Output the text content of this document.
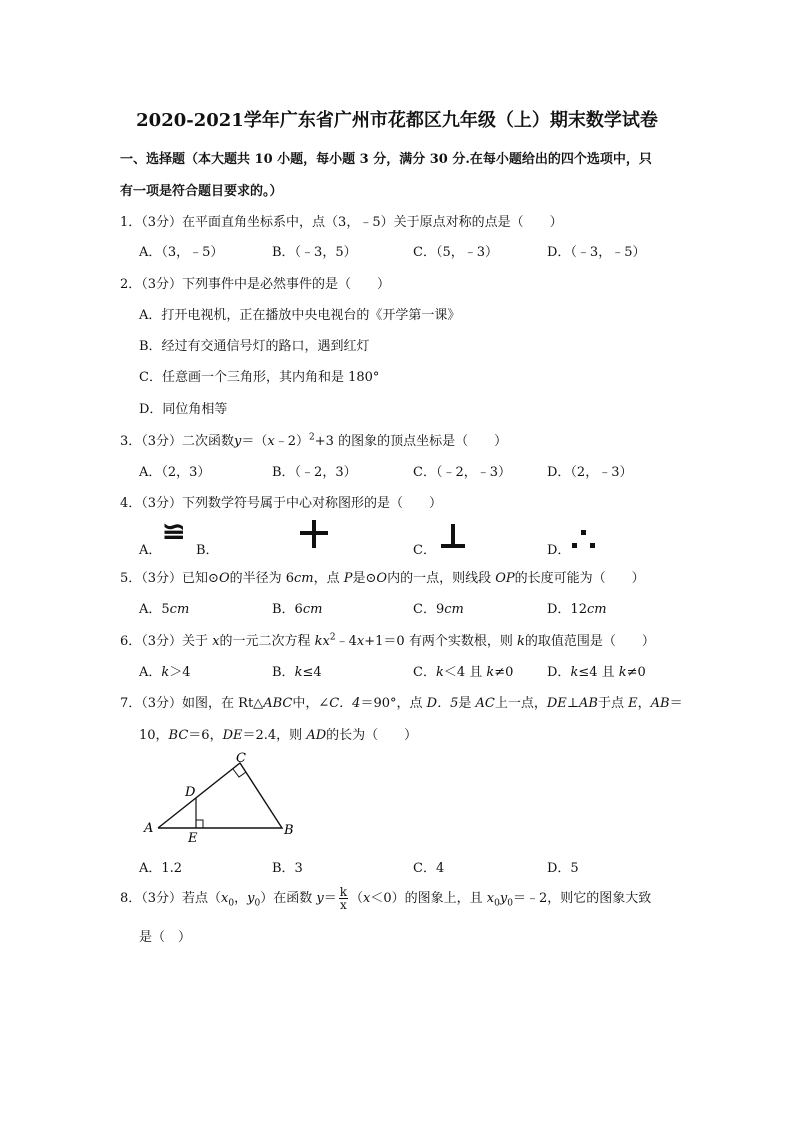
2020-2021学年广东省广州市花都区九年级（上）期末数学试卷
一、选择题（本大题共 10 小题，每小题 3 分，满分 30 分.在每小题给出的四个选项中，只
有一项是符合题目要求的。）
1．（3分）在平面直角坐标系中，点（3，﹣5）关于原点对称的点是（　　）
A．（3，﹣5）	B．（﹣3，5）	C．（5，﹣3）	D．（﹣3，﹣5）
2．（3分）下列事件中是必然事件的是（　　）
A．打开电视机，正在播放中央电视台的《开学第一课》
B．经过有交通信号灯的路口，遇到红灯
C．任意画一个三角形，其内角和是 180°
D．同位角相等
3．（3分）二次函数y＝（x﹣2）$^2$+3 的图象的顶点坐标是（　　）
A．（2，3）	B．（﹣2，3）	C．（﹣2，﹣3）	D．（2，﹣3）
4．（3分）下列数学符号属于中心对称图形的是（　　）
A．
≌
B．	C．	D．
5．（3分）已知⊙O的半径为 6cm，点 P是⊙O内的一点，则线段 OP的长度可能为（　　）
A．5cm	B．6cm	C．9cm	D．12cm
6．（3分）关于 x的一元二次方程 $kx^2﹣4x+1=0$ 有两个实数根，则 k的取值范围是（　　）
A．k＞4	B．k≤4	C．k＜4 且 k≠0	D．k≤4 且 k≠0
7．（3分）如图，在 Rt△ABC中，∠C．4＝90°，点 D．5是 AC上一点，DE⊥AB于点 E，AB＝
10，BC＝6，DE＝2.4，则 AD的长为（　　）
A	B
C
D
E
A．1.2	B．3	C．4	D．5
8．（3分）若点（$x_0$，$y_0$）在函数 $y= \frac{k}{x} (x<0)$的图象上，且 $x_0y_0=﹣2$，则它的图象大致
是（　）
